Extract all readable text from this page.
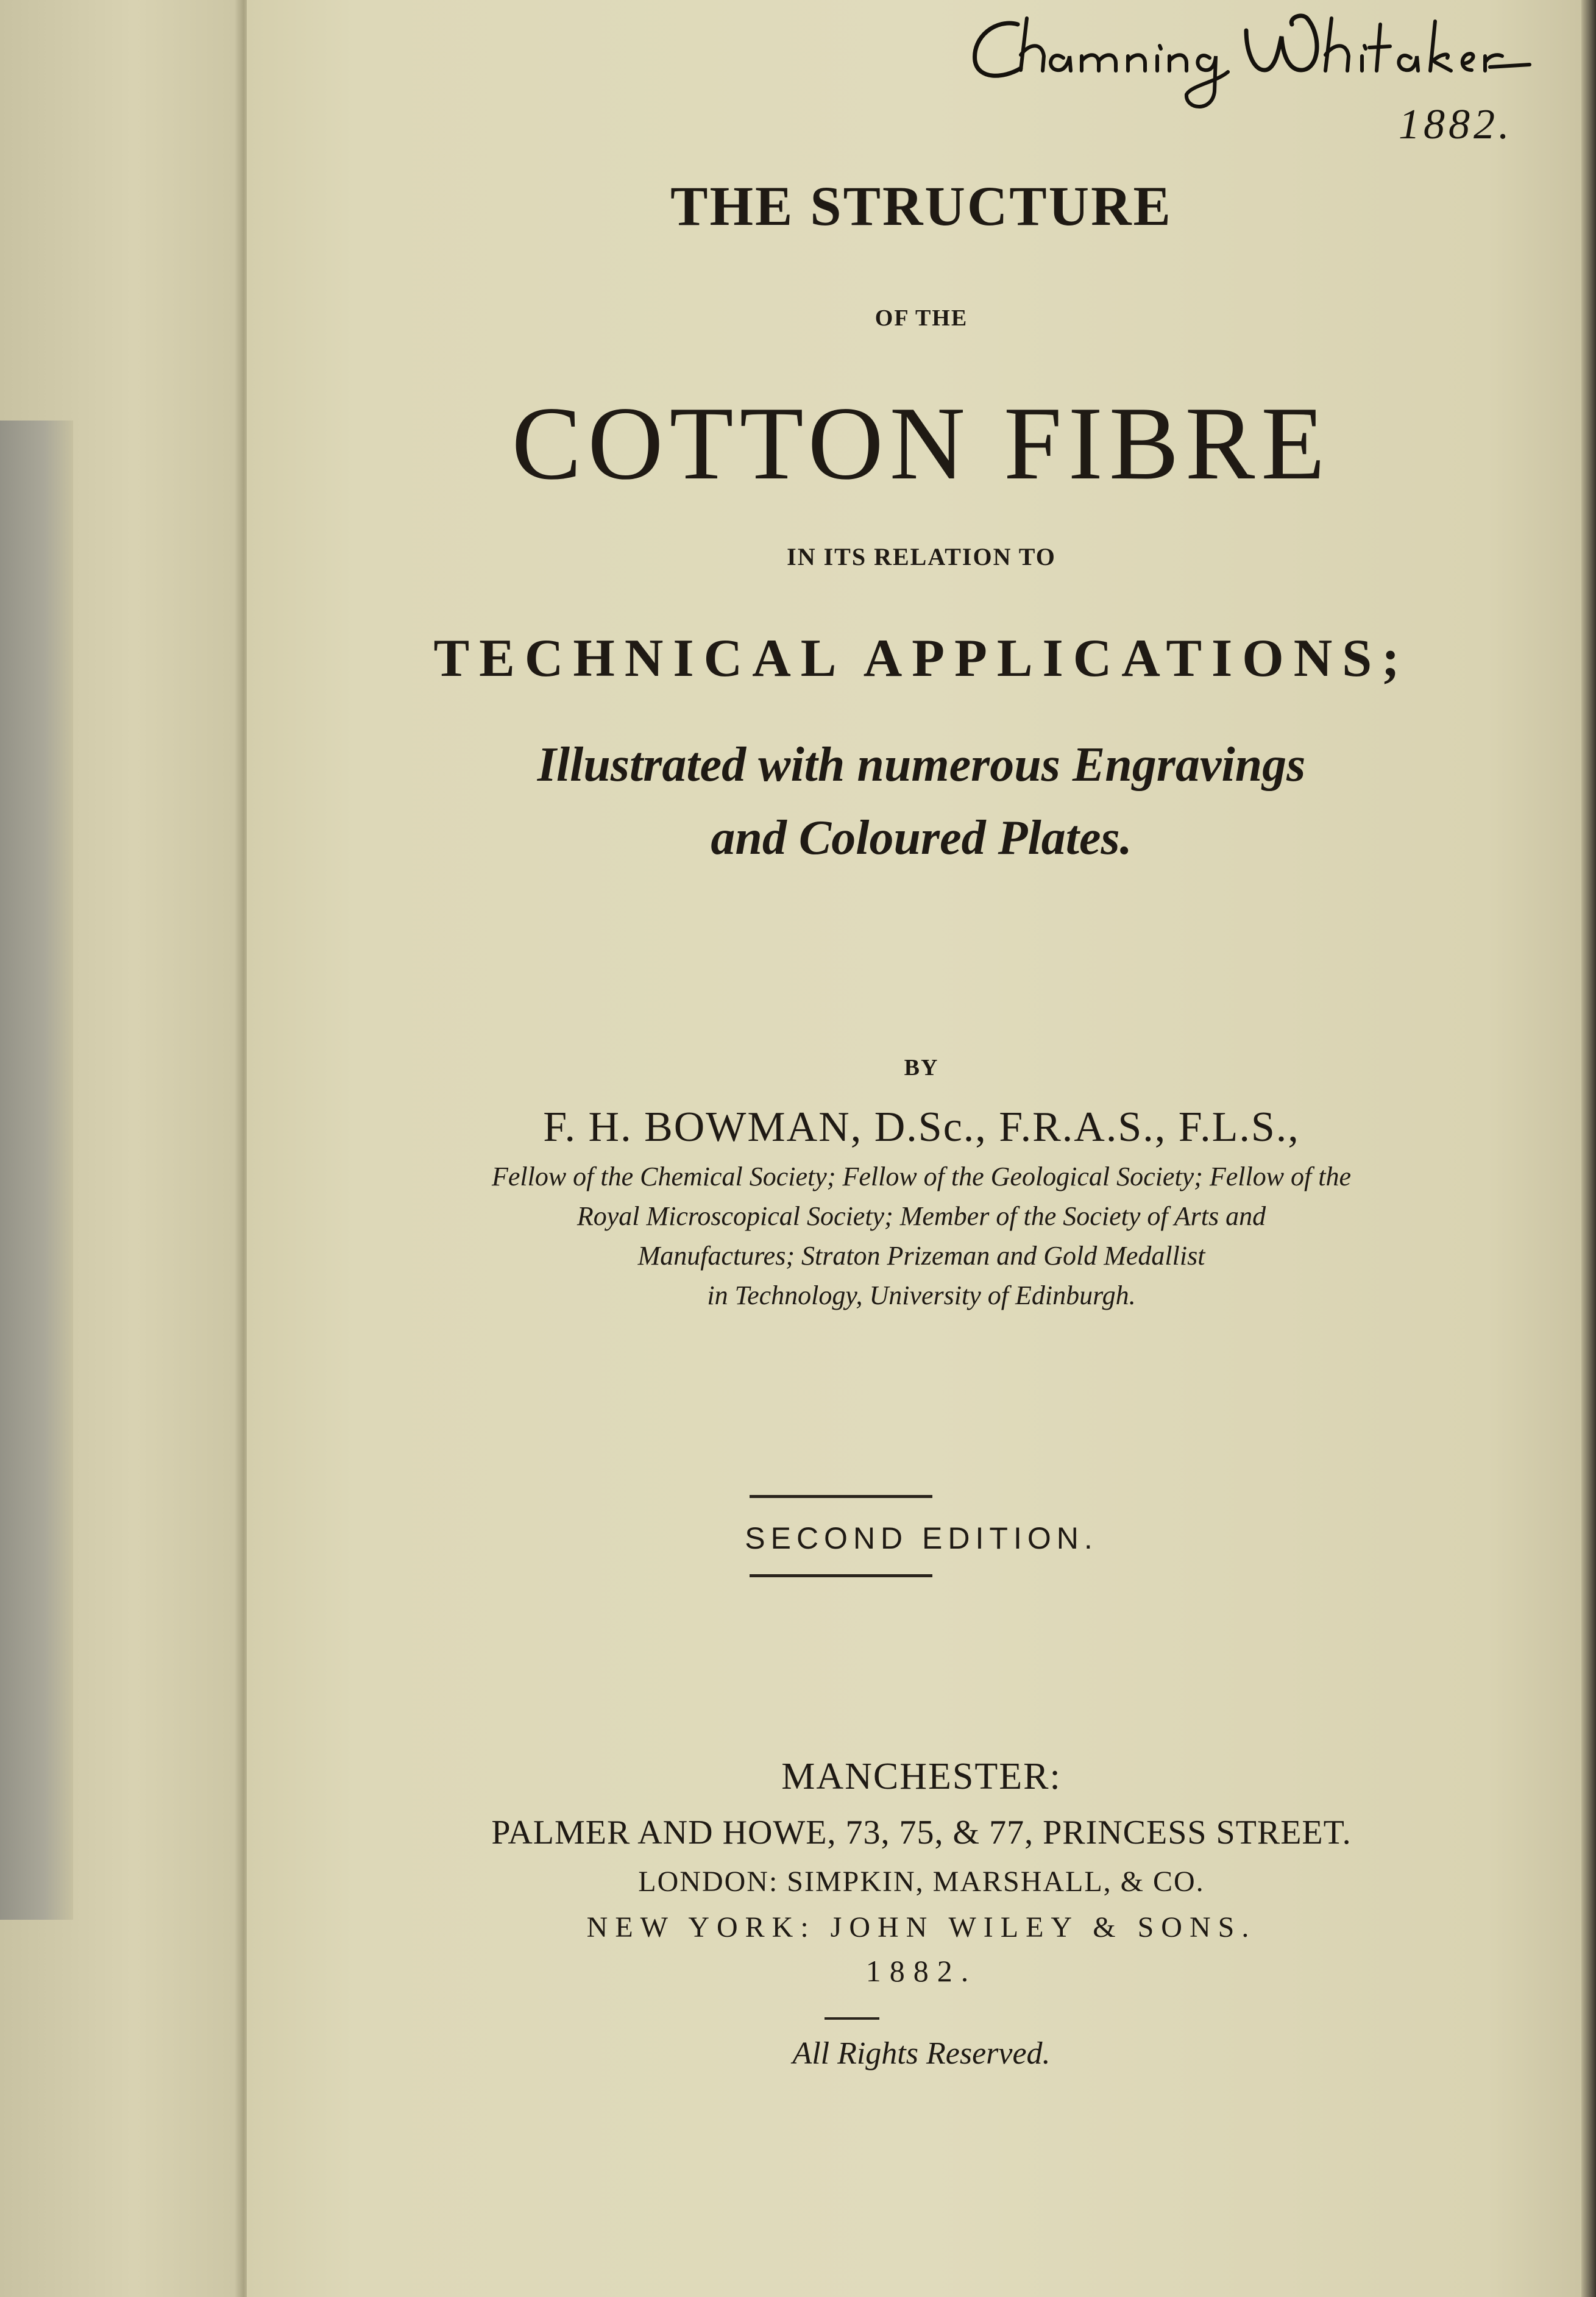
1882.
THE STRUCTURE
OF THE
COTTON FIBRE
IN ITS RELATION TO
TECHNICAL APPLICATIONS;
Illustrated with numerous Engravings
and Coloured Plates.
BY
F. H. BOWMAN, D.Sc., F.R.A.S., F.L.S.,
Fellow of the Chemical Society; Fellow of the Geological Society; Fellow of the
Royal Microscopical Society; Member of the Society of Arts and
Manufactures; Straton Prizeman and Gold Medallist
in Technology, University of Edinburgh.
SECOND EDITION.
MANCHESTER:
PALMER AND HOWE, 73, 75, & 77, PRINCESS STREET.
LONDON: SIMPKIN, MARSHALL, & CO.
NEW YORK: JOHN WILEY & SONS.
1882.
All Rights Reserved.
